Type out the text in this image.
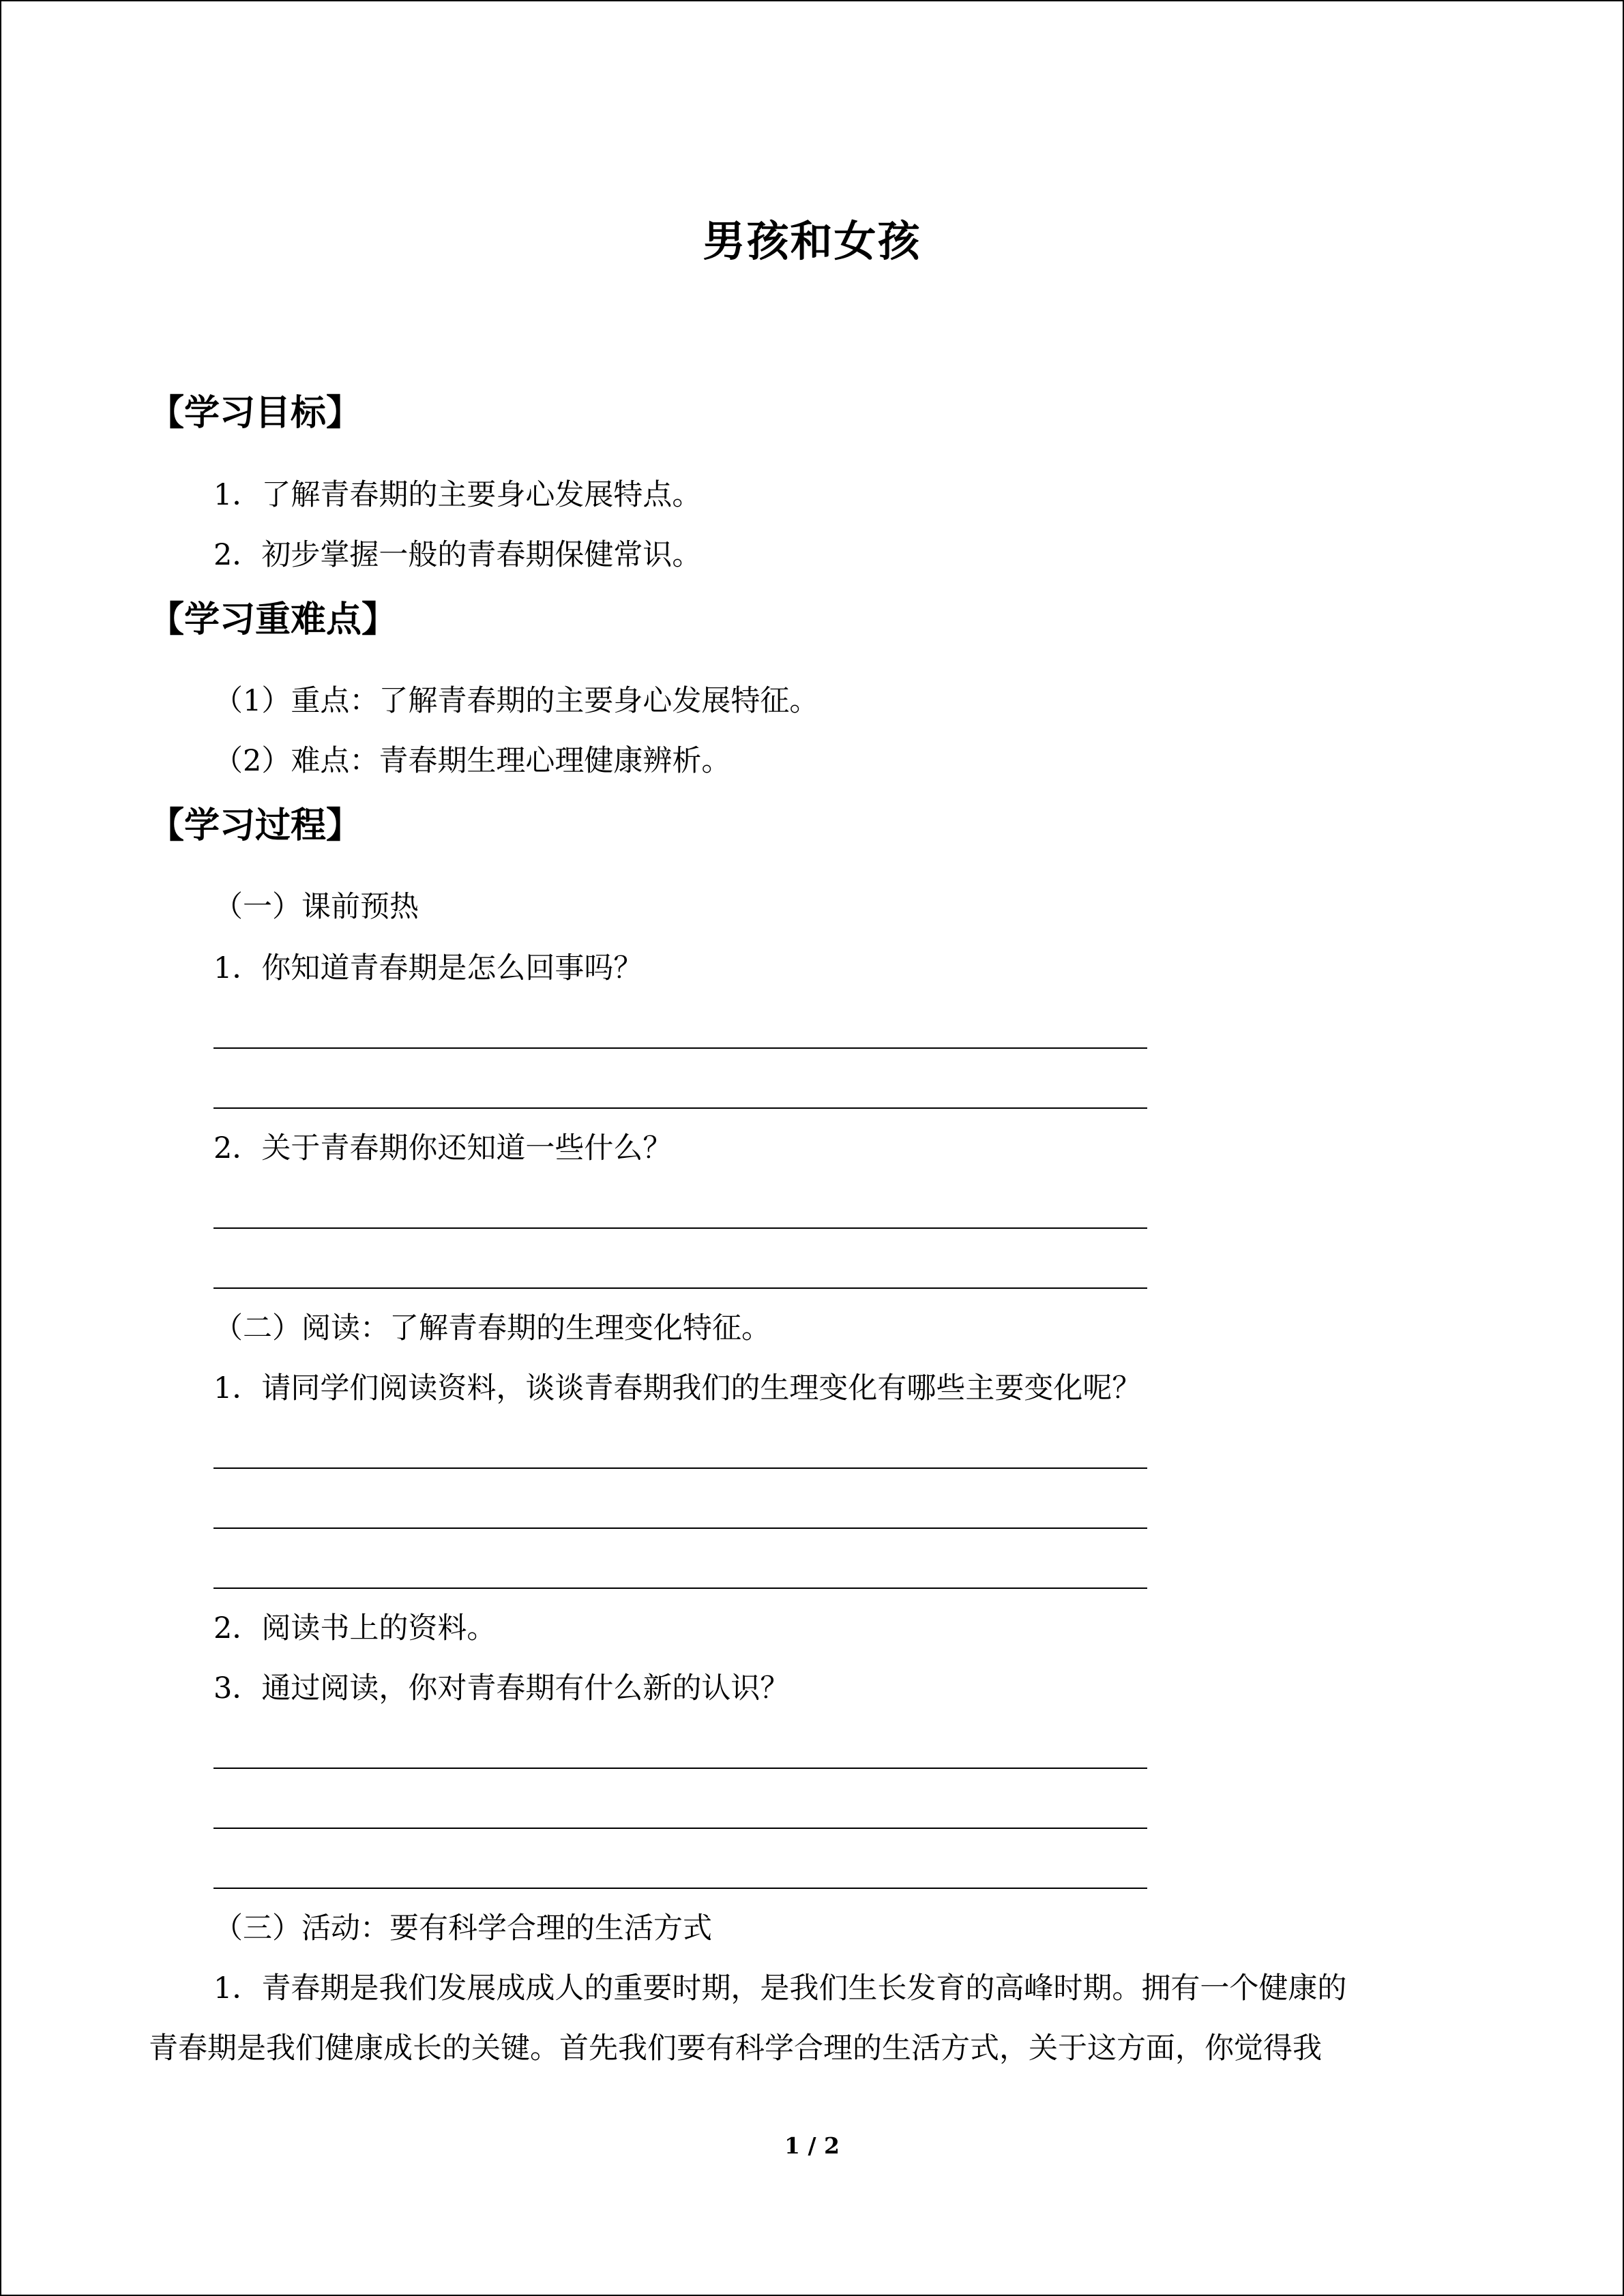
男孩和女孩
【学习目标】
1．了解青春期的主要身心发展特点。
2．初步掌握一般的青春期保健常识。
【学习重难点】
（1）重点：了解青春期的主要身心发展特征。
（2）难点：青春期生理心理健康辨析。
【学习过程】
（一）课前预热
1．你知道青春期是怎么回事吗？
2．关于青春期你还知道一些什么？
（二）阅读：了解青春期的生理变化特征。
1．请同学们阅读资料，谈谈青春期我们的生理变化有哪些主要变化呢？
2．阅读书上的资料。
3．通过阅读，你对青春期有什么新的认识？
（三）活动：要有科学合理的生活方式
1．青春期是我们发展成成人的重要时期，是我们生长发育的高峰时期。拥有一个健康的
青春期是我们健康成长的关键。首先我们要有科学合理的生活方式，关于这方面，你觉得我
1 / 2
